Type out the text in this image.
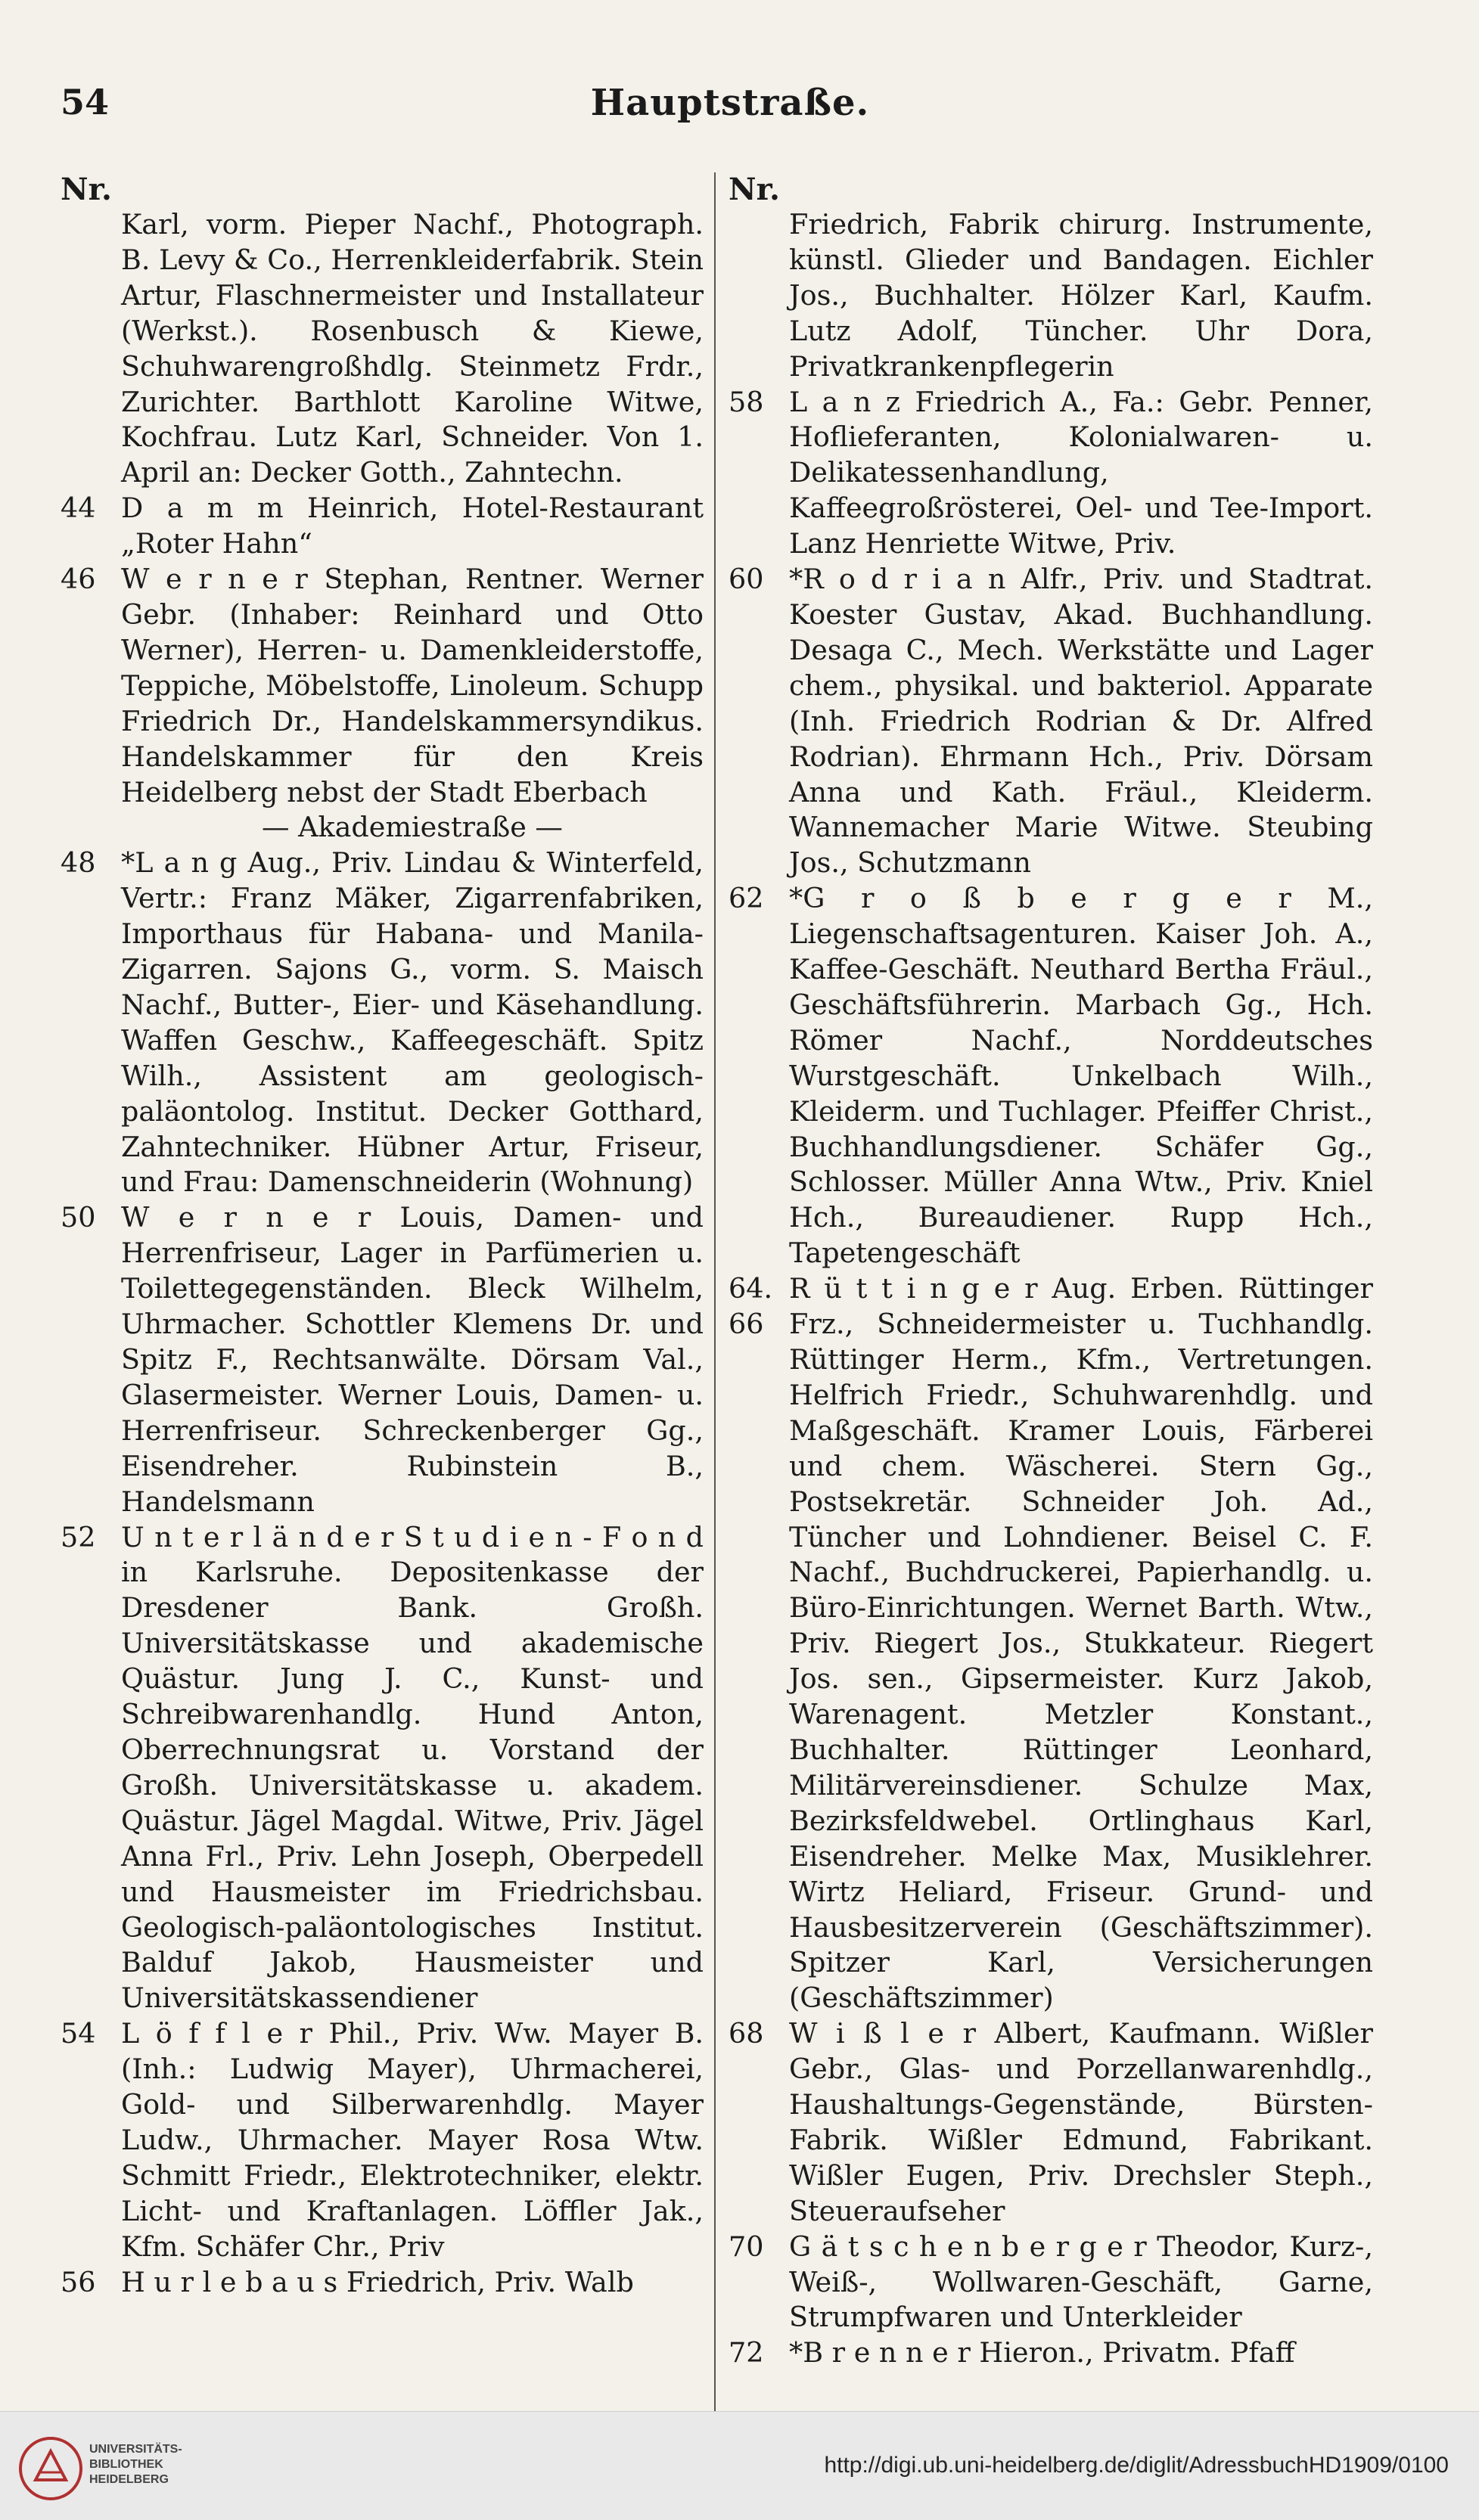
54	Hauptstraße.
Nr.
Karl, vorm. Pieper Nachf., Photograph. B. Levy & Co., Herrenkleiderfabrik. Stein Artur, Flaschnermeister und Installateur (Werkst.). Rosenbusch & Kiewe, Schuhwarengroßhdlg. Steinmetz Frdr., Zurichter. Barthlott Karoline Witwe, Kochfrau. Lutz Karl, Schneider. Von 1. April an: Decker Gotth., Zahntechn.
44 D a m m Heinrich, Hotel-Restaurant „Roter Hahn“
46 W e r n e r Stephan, Rentner. Werner Gebr. (Inhaber: Reinhard und Otto Werner), Herren- u. Damenkleiderstoffe, Teppiche, Möbelstoffe, Linoleum. Schupp Friedrich Dr., Handelskammersyndikus. Handelskammer für den Kreis Heidelberg nebst der Stadt Eberbach
— Akademiestraße —
48 *L a n g Aug., Priv. Lindau & Winterfeld, Vertr.: Franz Mäker, Zigarrenfabriken, Importhaus für Habana- und Manila-Zigarren. Sajons G., vorm. S. Maisch Nachf., Butter-, Eier- und Käsehandlung. Waffen Geschw., Kaffeegeschäft. Spitz Wilh., Assistent am geologisch-paläontolog. Institut. Decker Gotthard, Zahntechniker. Hübner Artur, Friseur, und Frau: Damenschneiderin (Wohnung)
50 W e r n e r Louis, Damen- und Herrenfriseur, Lager in Parfümerien u. Toilettegegenständen. Bleck Wilhelm, Uhrmacher. Schottler Klemens Dr. und Spitz F., Rechtsanwälte. Dörsam Val., Glasermeister. Werner Louis, Damen- u. Herrenfriseur. Schreckenberger Gg., Eisendreher. Rubinstein B., Handelsmann
52 U n t e r l ä n d e r S t u d i e n - F o n d in Karlsruhe. Depositenkasse der Dresdener Bank. Großh. Universitätskasse und akademische Quästur. Jung J. C., Kunst- und Schreibwarenhandlg. Hund Anton, Oberrechnungsrat u. Vorstand der Großh. Universitätskasse u. akadem. Quästur. Jägel Magdal. Witwe, Priv. Jägel Anna Frl., Priv. Lehn Joseph, Oberpedell und Hausmeister im Friedrichsbau. Geologisch-paläontologisches Institut. Balduf Jakob, Hausmeister und Universitätskassendiener
54 L ö f f l e r Phil., Priv. Ww. Mayer B. (Inh.: Ludwig Mayer), Uhrmacherei, Gold- und Silberwarenhdlg. Mayer Ludw., Uhrmacher. Mayer Rosa Wtw. Schmitt Friedr., Elektrotechniker, elektr. Licht- und Kraftanlagen. Löffler Jak., Kfm. Schäfer Chr., Priv
56 H u r l e b a u s Friedrich, Priv. Walb
Nr.
Friedrich, Fabrik chirurg. Instrumente, künstl. Glieder und Bandagen. Eichler Jos., Buchhalter. Hölzer Karl, Kaufm. Lutz Adolf, Tüncher. Uhr Dora, Privatkrankenpflegerin
58 L a n z Friedrich A., Fa.: Gebr. Penner, Hoflieferanten, Kolonialwaren- u. Delikatessenhandlung, Kaffeegroßrösterei, Oel- und Tee-Import. Lanz Henriette Witwe, Priv.
60 *R o d r i a n Alfr., Priv. und Stadtrat. Koester Gustav, Akad. Buchhandlung. Desaga C., Mech. Werkstätte und Lager chem., physikal. und bakteriol. Apparate (Inh. Friedrich Rodrian & Dr. Alfred Rodrian). Ehrmann Hch., Priv. Dörsam Anna und Kath. Fräul., Kleiderm. Wannemacher Marie Witwe. Steubing Jos., Schutzmann
62 *G r o ß b e r g e r M., Liegenschaftsagenturen. Kaiser Joh. A., Kaffee-Geschäft. Neuthard Bertha Fräul., Geschäftsführerin. Marbach Gg., Hch. Römer Nachf., Norddeutsches Wurstgeschäft. Unkelbach Wilh., Kleiderm. und Tuchlager. Pfeiffer Christ., Buchhandlungsdiener. Schäfer Gg., Schlosser. Müller Anna Wtw., Priv. Kniel Hch., Bureaudiener. Rupp Hch., Tapetengeschäft
64. 66
R ü t t i n g e r Aug. Erben. Rüttinger Frz., Schneidermeister u. Tuchhandlg. Rüttinger Herm., Kfm., Vertretungen. Helfrich Friedr., Schuhwarenhdlg. und Maßgeschäft. Kramer Louis, Färberei und chem. Wäscherei. Stern Gg., Postsekretär. Schneider Joh. Ad., Tüncher und Lohndiener. Beisel C. F. Nachf., Buchdruckerei, Papierhandlg. u. Büro-Einrichtungen. Wernet Barth. Wtw., Priv. Riegert Jos., Stukkateur. Riegert Jos. sen., Gipsermeister. Kurz Jakob, Warenagent. Metzler Konstant., Buchhalter. Rüttinger Leonhard, Militärvereinsdiener. Schulze Max, Bezirksfeldwebel. Ortlinghaus Karl, Eisendreher. Melke Max, Musiklehrer. Wirtz Heliard, Friseur. Grund- und Hausbesitzerverein (Geschäftszimmer). Spitzer Karl, Versicherungen (Geschäftszimmer)
68 W i ß l e r Albert, Kaufmann. Wißler Gebr., Glas- und Porzellanwarenhdlg., Haushaltungs-Gegenstände, Bürsten-Fabrik. Wißler Edmund, Fabrikant. Wißler Eugen, Priv. Drechsler Steph., Steueraufseher
70 G ä t s c h e n b e r g e r Theodor, Kurz-, Weiß-, Wollwaren-Geschäft, Garne, Strumpfwaren und Unterkleider
72 *B r e n n e r Hieron., Privatm. Pfaff
UNIVERSITÄTS-
BIBLIOTHEK
HEIDELBERG
http://digi.ub.uni-heidelberg.de/diglit/AdressbuchHD1909/0100
